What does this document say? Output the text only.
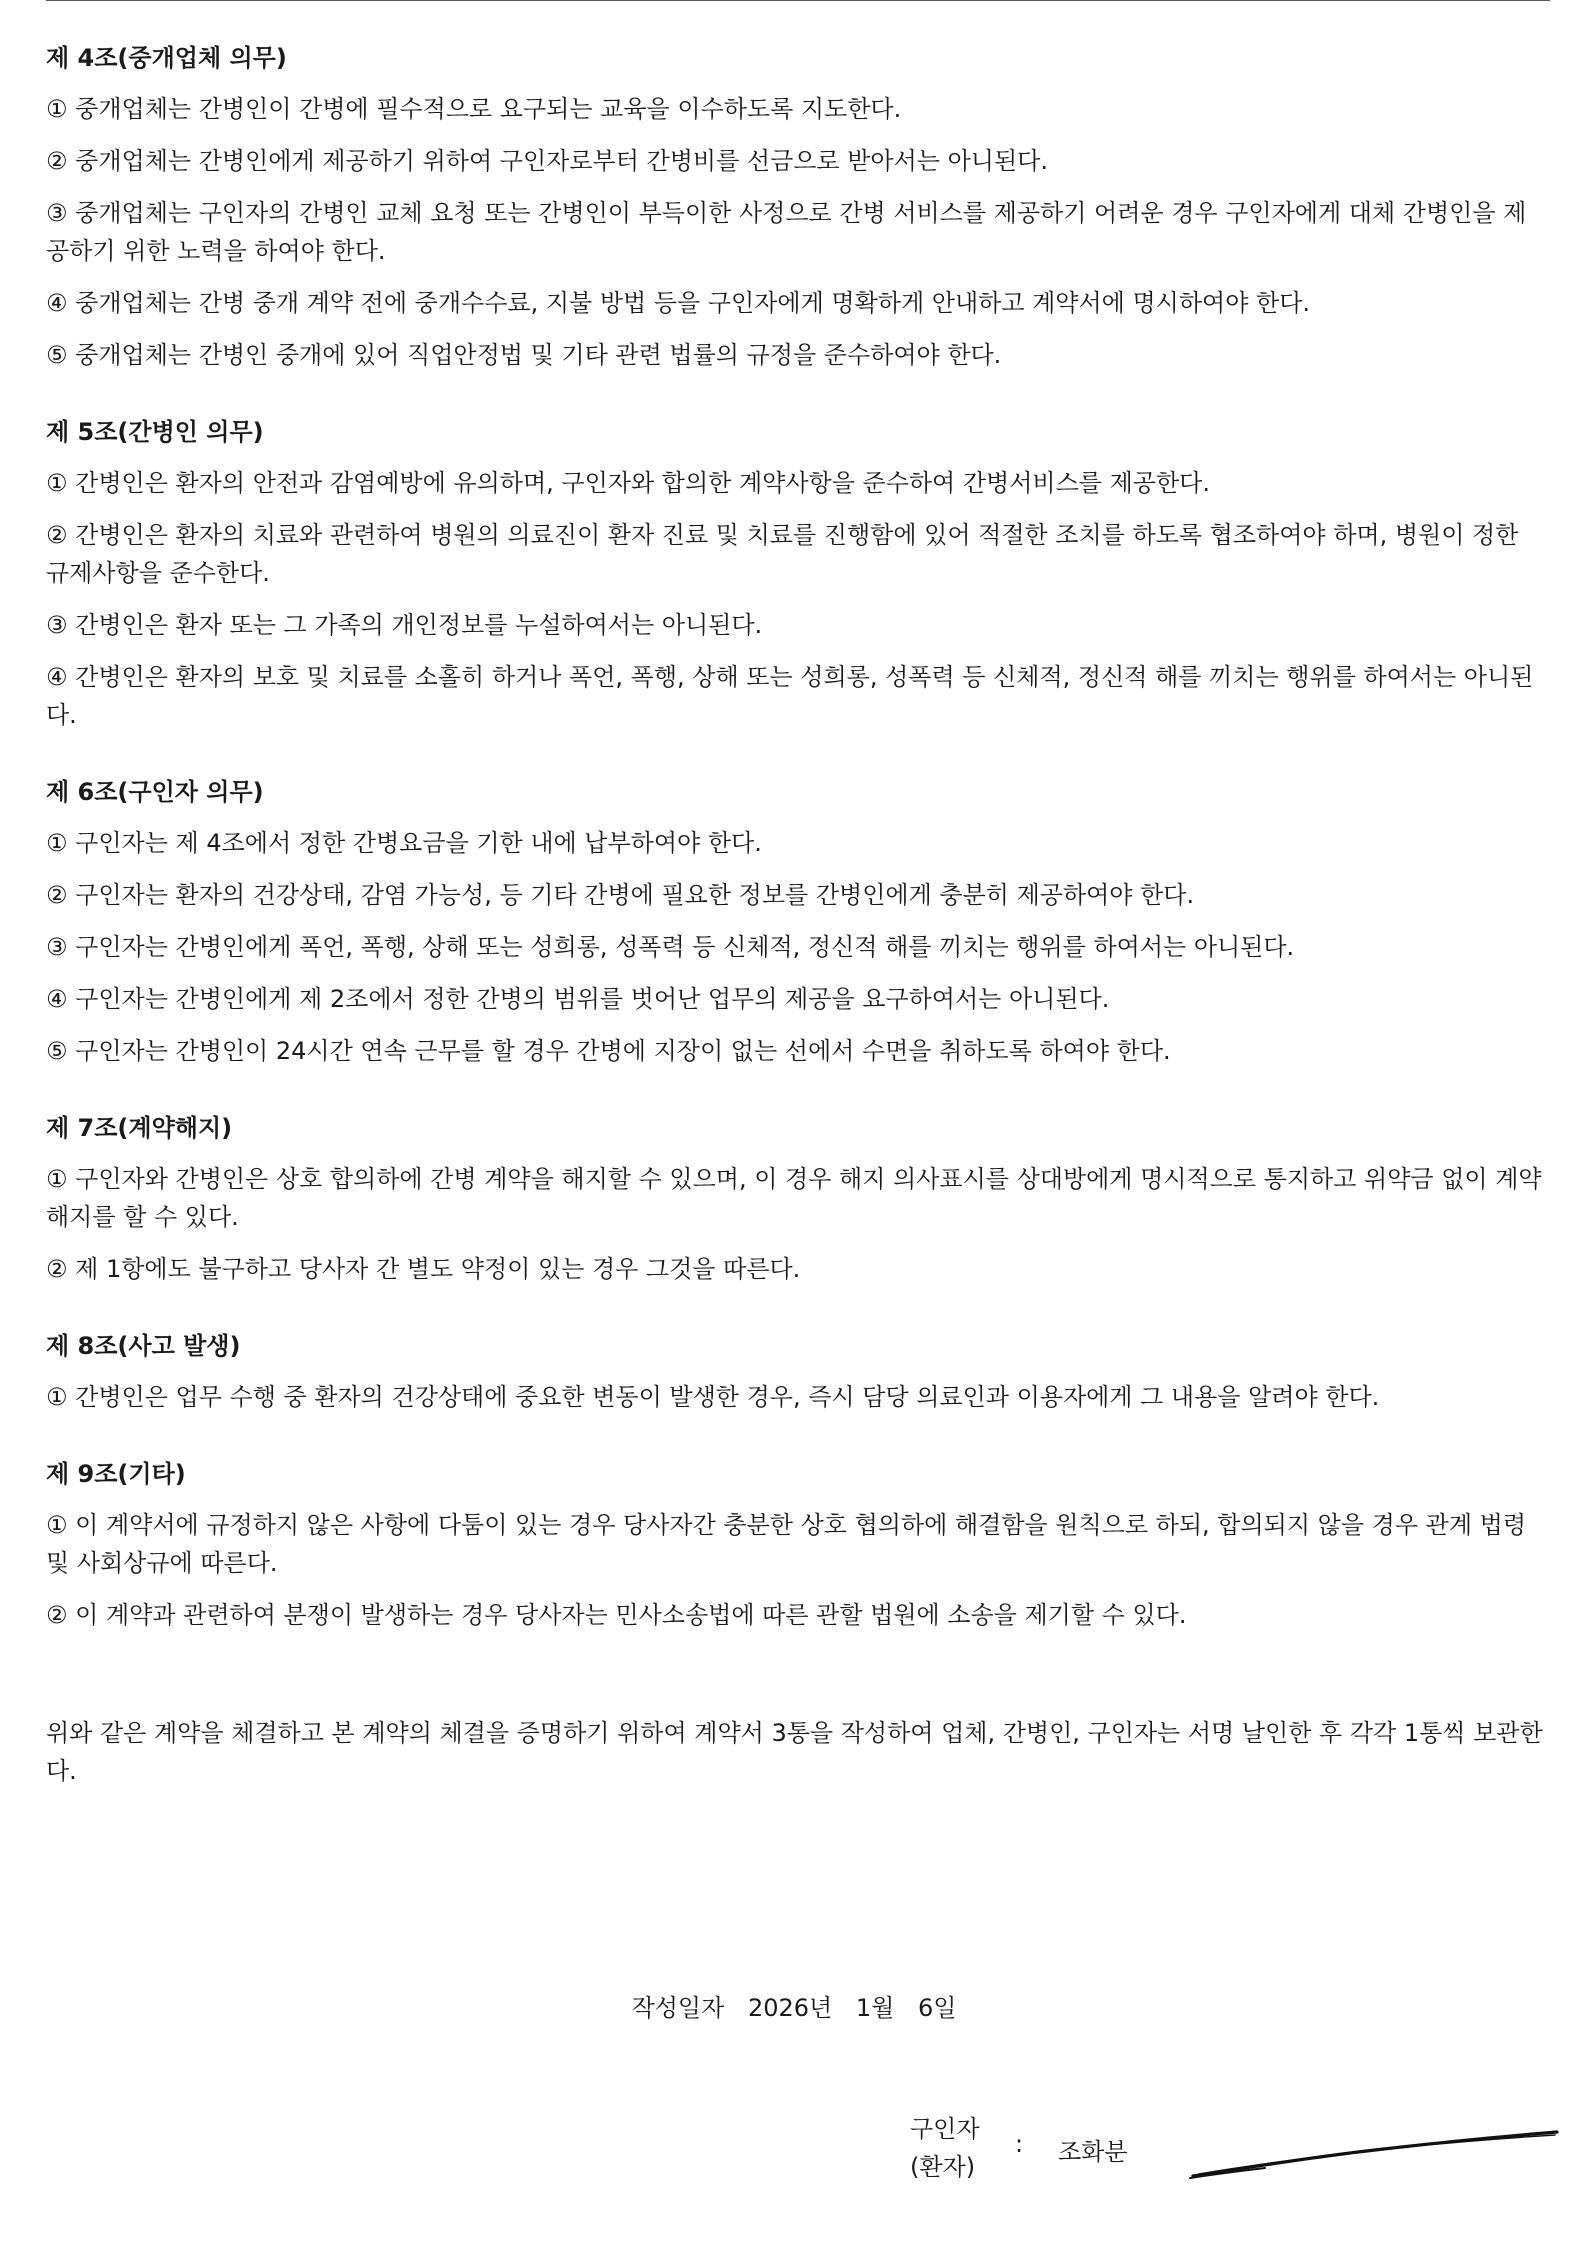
제 4조(중개업체 의무)
① 중개업체는 간병인이 간병에 필수적으로 요구되는 교육을 이수하도록 지도한다.
② 중개업체는 간병인에게 제공하기 위하여 구인자로부터 간병비를 선금으로 받아서는 아니된다.
③ 중개업체는 구인자의 간병인 교체 요청 또는 간병인이 부득이한 사정으로 간병 서비스를 제공하기 어려운 경우 구인자에게 대체 간병인을 제공하기 위한 노력을 하여야 한다.
④ 중개업체는 간병 중개 계약 전에 중개수수료, 지불 방법 등을 구인자에게 명확하게 안내하고 계약서에 명시하여야 한다.
⑤ 중개업체는 간병인 중개에 있어 직업안정법 및 기타 관련 법률의 규정을 준수하여야 한다.
제 5조(간병인 의무)
① 간병인은 환자의 안전과 감염예방에 유의하며, 구인자와 합의한 계약사항을 준수하여 간병서비스를 제공한다.
② 간병인은 환자의 치료와 관련하여 병원의 의료진이 환자 진료 및 치료를 진행함에 있어 적절한 조치를 하도록 협조하여야 하며, 병원이 정한 규제사항을 준수한다.
③ 간병인은 환자 또는 그 가족의 개인정보를 누설하여서는 아니된다.
④ 간병인은 환자의 보호 및 치료를 소홀히 하거나 폭언, 폭행, 상해 또는 성희롱, 성폭력 등 신체적, 정신적 해를 끼치는 행위를 하여서는 아니된다.
제 6조(구인자 의무)
① 구인자는 제 4조에서 정한 간병요금을 기한 내에 납부하여야 한다.
② 구인자는 환자의 건강상태, 감염 가능성, 등 기타 간병에 필요한 정보를 간병인에게 충분히 제공하여야 한다.
③ 구인자는 간병인에게 폭언, 폭행, 상해 또는 성희롱, 성폭력 등 신체적, 정신적 해를 끼치는 행위를 하여서는 아니된다.
④ 구인자는 간병인에게 제 2조에서 정한 간병의 범위를 벗어난 업무의 제공을 요구하여서는 아니된다.
⑤ 구인자는 간병인이 24시간 연속 근무를 할 경우 간병에 지장이 없는 선에서 수면을 취하도록 하여야 한다.
제 7조(계약해지)
① 구인자와 간병인은 상호 합의하에 간병 계약을 해지할 수 있으며, 이 경우 해지 의사표시를 상대방에게 명시적으로 통지하고 위약금 없이 계약해지를 할 수 있다.
② 제 1항에도 불구하고 당사자 간 별도 약정이 있는 경우 그것을 따른다.
제 8조(사고 발생)
① 간병인은 업무 수행 중 환자의 건강상태에 중요한 변동이 발생한 경우, 즉시 담당 의료인과 이용자에게 그 내용을 알려야 한다.
제 9조(기타)
① 이 계약서에 규정하지 않은 사항에 다툼이 있는 경우 당사자간 충분한 상호 협의하에 해결함을 원칙으로 하되, 합의되지 않을 경우 관계 법령 및 사회상규에 따른다.
② 이 계약과 관련하여 분쟁이 발생하는 경우 당사자는 민사소송법에 따른 관할 법원에 소송을 제기할 수 있다.
위와 같은 계약을 체결하고 본 계약의 체결을 증명하기 위하여 계약서 3통을 작성하여 업체, 간병인, 구인자는 서명 날인한 후 각각 1통씩 보관한다.
작성일자 2026년 1월 6일
구인자
(환자)
: 조화분
